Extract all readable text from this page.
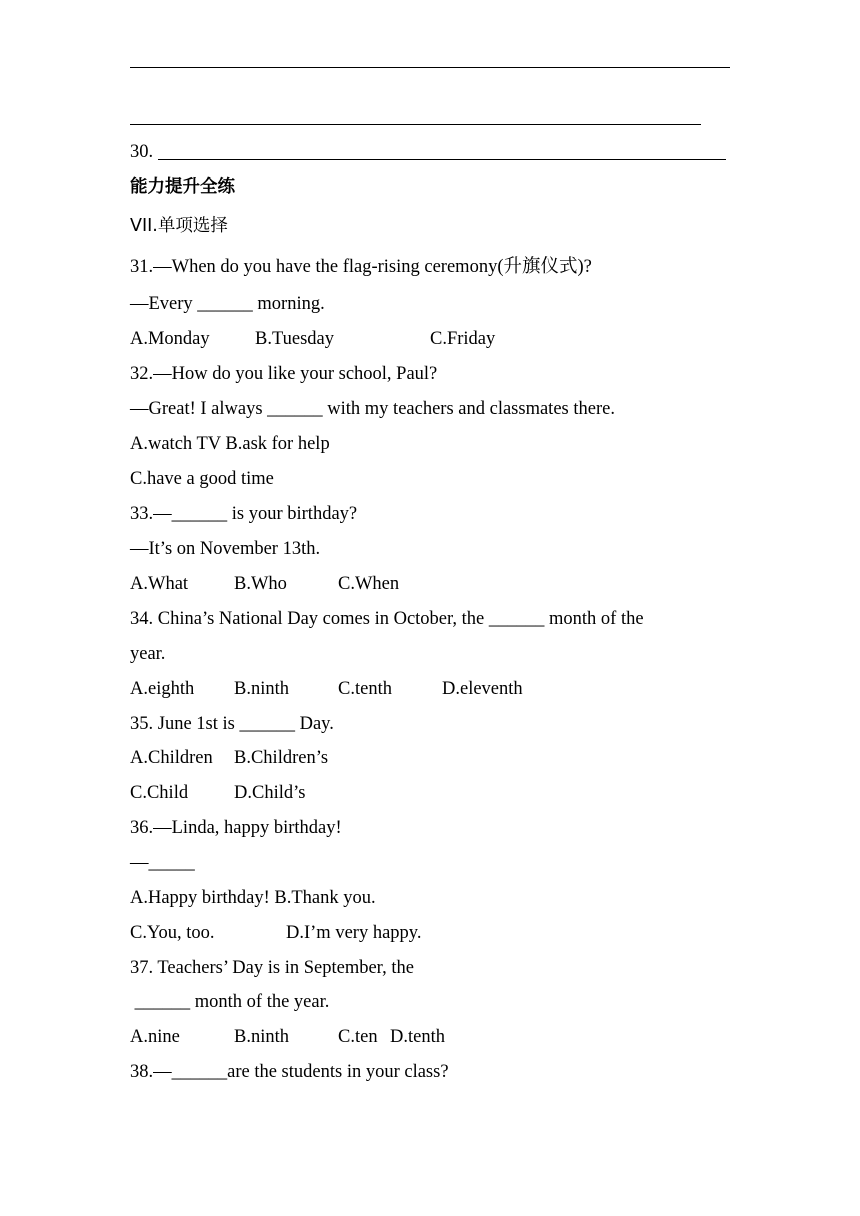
30.
能力提升全练
VII.单项选择
31.—When do you have the flag-rising ceremony(升旗仪式)?
—Every ______ morning.
A.Monday B.Tuesday	C.Friday
32.—How do you like your school, Paul?
—Great! I always ______ with my teachers and classmates there.
A.watch TV B.ask for help
C.have a good time
33.—______ is your birthday?
—It’s on November 13th.
A.What B.Who	C.When
34. China’s National Day comes in October, the ______ month of the
year.
A.eighth B.ninth	C.tenth	D.eleventh
35. June 1st is ______ Day.
A.Children B.Children’s
C.Child D.Child’s
36.—Linda, happy birthday!
—_____
A.Happy birthday! B.Thank you.
C.You, too.	D.I’m very happy.
37. Teachers’ Day is in September, the
______ month of the year.
A.nine	B.ninth	C.ten D.tenth
38.—______are the students in your class?
